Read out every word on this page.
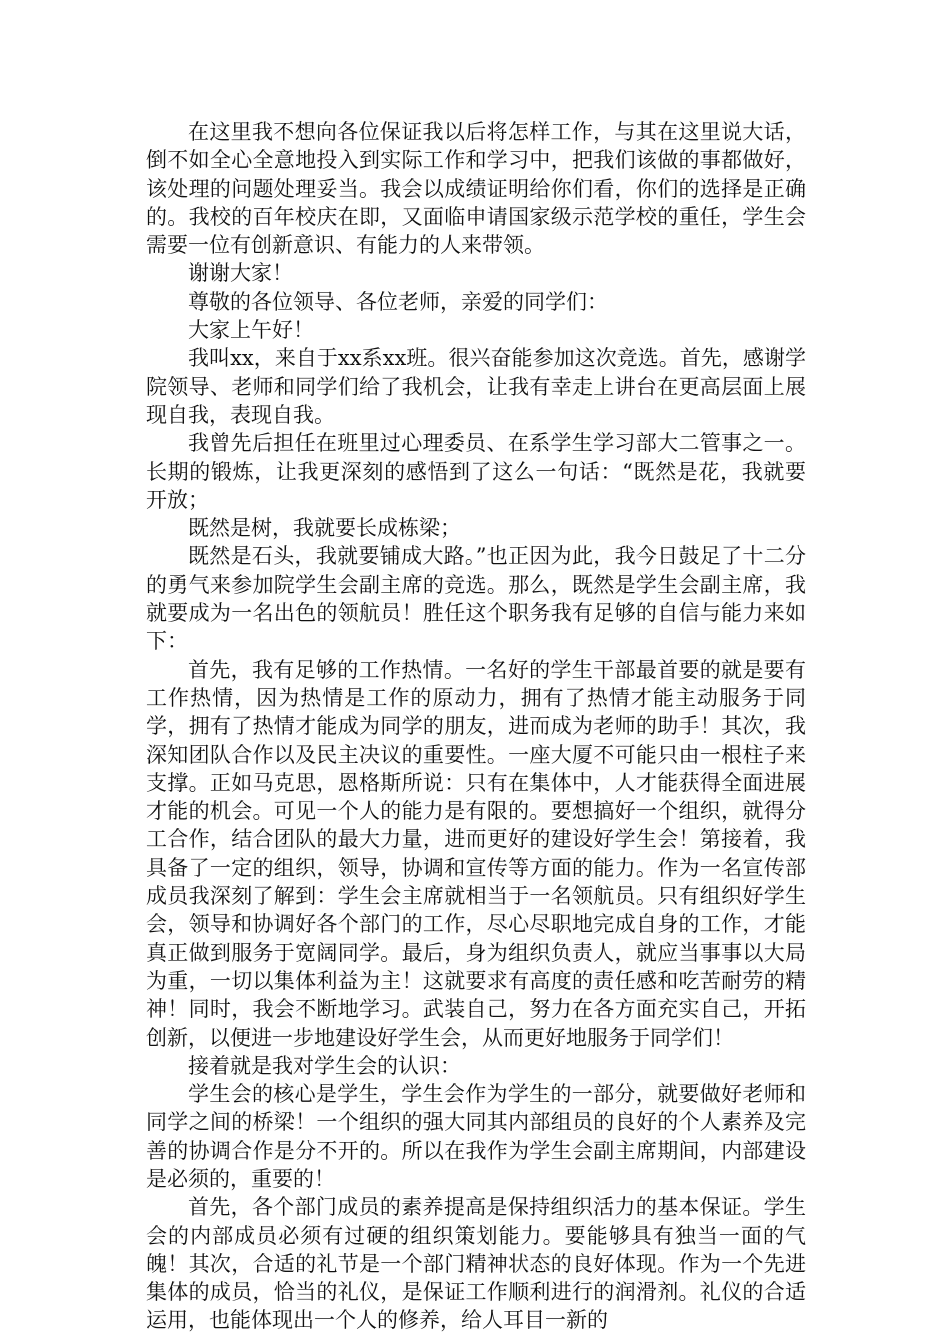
在这里我不想向各位保证我以后将怎样工作，与其在这里说大话，倒不如全心全意地投入到实际工作和学习中，把我们该做的事都做好，该处理的问题处理妥当。我会以成绩证明给你们看，你们的选择是正确的。我校的百年校庆在即，又面临申请国家级示范学校的重任，学生会需要一位有创新意识、有能力的人来带领。

谢谢大家！

尊敬的各位领导、各位老师，亲爱的同学们：

大家上午好！

我叫xx，来自于xx系xx班。很兴奋能参加这次竞选。首先，感谢学院领导、老师和同学们给了我机会，让我有幸走上讲台在更高层面上展现自我，表现自我。

我曾先后担任在班里过心理委员、在系学生学习部大二管事之一。长期的锻炼，让我更深刻的感悟到了这么一句话：“既然是花，我就要开放；

既然是树，我就要长成栋梁；

既然是石头，我就要铺成大路。”也正因为此，我今日鼓足了十二分的勇气来参加院学生会副主席的竞选。那么，既然是学生会副主席，我就要成为一名出色的领航员！胜任这个职务我有足够的自信与能力来如下：

首先，我有足够的工作热情。一名好的学生干部最首要的就是要有工作热情，因为热情是工作的原动力，拥有了热情才能主动服务于同学，拥有了热情才能成为同学的朋友，进而成为老师的助手！其次，我深知团队合作以及民主决议的重要性。一座大厦不可能只由一根柱子来支撑。正如马克思，恩格斯所说：只有在集体中，人才能获得全面进展才能的机会。可见一个人的能力是有限的。要想搞好一个组织，就得分工合作，结合团队的最大力量，进而更好的建设好学生会！第接着，我具备了一定的组织，领导，协调和宣传等方面的能力。作为一名宣传部成员我深刻了解到：学生会主席就相当于一名领航员。只有组织好学生会，领导和协调好各个部门的工作，尽心尽职地完成自身的工作，才能真正做到服务于宽阔同学。最后，身为组织负责人，就应当事事以大局为重，一切以集体利益为主！这就要求有高度的责任感和吃苦耐劳的精神！同时，我会不断地学习。武装自己，努力在各方面充实自己，开拓创新，以便进一步地建设好学生会，从而更好地服务于同学们！

接着就是我对学生会的认识：

学生会的核心是学生，学生会作为学生的一部分，就要做好老师和同学之间的桥梁！一个组织的强大同其内部组员的良好的个人素养及完善的协调合作是分不开的。所以在我作为学生会副主席期间，内部建设是必须的，重要的！

首先，各个部门成员的素养提高是保持组织活力的基本保证。学生会的内部成员必须有过硬的组织策划能力。要能够具有独当一面的气魄！其次，合适的礼节是一个部门精神状态的良好体现。作为一个先进集体的成员，恰当的礼仪，是保证工作顺利进行的润滑剂。礼仪的合适运用，也能体现出一个人的修养，给人耳目一新的
